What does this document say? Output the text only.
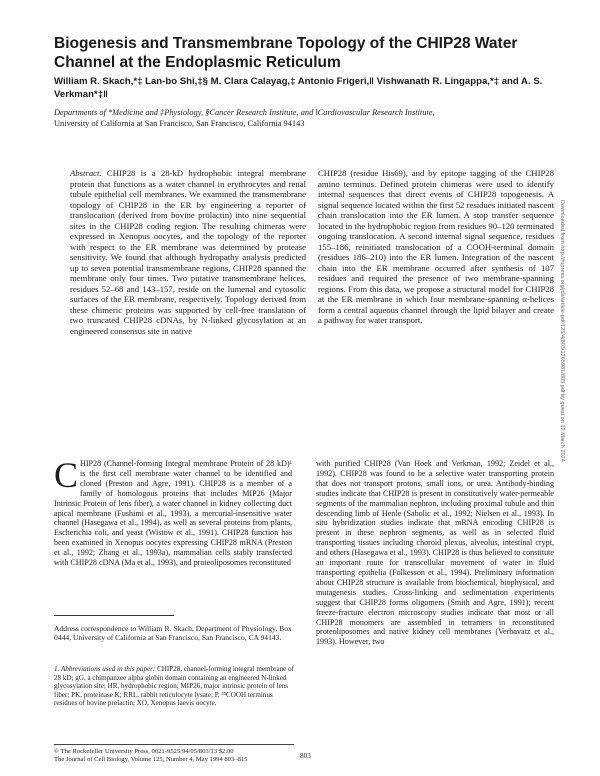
Biogenesis and Transmembrane Topology of the CHIP28 Water Channel at the Endoplasmic Reticulum
William R. Skach,*‡ Lan-bo Shi,‡§ M. Clara Calayag,‡ Antonio Frigeri,‖ Vishwanath R. Lingappa,*‡ and A. S. Verkman*‡‖
Departments of *Medicine and ‡Physiology, §Cancer Research Institute, and ‖Cardiovascular Research Institute,
University of California at San Francisco, San Francisco, California 94143
Abstract. CHIP28 is a 28-kD hydrophobic integral membrane protein that functions as a water channel in erythrocytes and renal tubule epithelial cell membranes. We examined the transmembrane topology of CHIP28 in the ER by engineering a reporter of translocation (derived from bovine prolactin) into nine sequential sites in the CHIP28 coding region. The resulting chimeras were expressed in Xenopus oocytes, and the topology of the reporter with respect to the ER membrane was determined by protease sensitivity. We found that although hydropathy analysis predicted up to seven potential transmembrane regions, CHIP28 spanned the membrane only four times. Two putative transmembrane helices, residues 52–68 and 143–157, reside on the lumenal and cytosolic surfaces of the ER membrane, respectively. Topology derived from these chimeric proteins was supported by cell-free translation of two truncated CHIP28 cDNAs, by N-linked glycosylation at an engineered consensus site in native
CHIP28 (residue His69), and by epitope tagging of the CHIP28 amino terminus. Defined protein chimeras were used to identify internal sequences that direct events of CHIP28 topogenesis. A signal sequence located within the first 52 residues initiated nascent chain translocation into the ER lumen. A stop transfer sequence located in the hydrophobic region from residues 90–120 terminated ongoing translocation. A second internal signal sequence, residues 155–186, reinitiated translocation of a COOH-terminal domain (residues 186–210) into the ER lumen. Integration of the nascent chain into the ER membrane occurred after synthesis of 107 residues and required the presence of two membrane-spanning regions. From this data, we propose a structural model for CHIP28 at the ER membrane in which four membrane-spanning α-helices form a central aqueous channel through the lipid bilayer and create a pathway for water transport.
C HIP28 (Channel-forming Integral membrane Protein of 28 kD)¹ is the first cell membrane water channel to be identified and cloned (Preston and Agre, 1991). CHIP28 is a member of a family of homologous proteins that includes MIP26 (Major Intrinsic Protein of lens fiber), a water channel in kidney collecting duct apical membrane (Fushimi et al., 1993), a mercurial-insensitive water channel (Hasegawa et al., 1994), as well as several proteins from plants, Escherichia coli, and yeast (Wistow et al., 1991). CHIP28 function has been examined in Xenopus oocytes expressing CHIP28 mRNA (Preston et al., 1992; Zhang et al., 1993a), mammalian cells stably transfected with CHIP28 cDNA (Ma et al., 1993), and proteoliposomes reconstituted
with purified CHIP28 (Van Hoek and Verkman, 1992; Zeidel et al., 1992). CHIP28 was found to be a selective water transporting protein that does not transport protons, small ions, or urea. Antibody-binding studies indicate that CHIP28 is present in constitutively water-permeable segments of the mammalian nephron, including proximal tubule and thin descending limb of Henle (Sabolic et al., 1992; Nielsen et al., 1993). In situ hybridization studies indicate that mRNA encoding CHIP28 is present in these nephron segments, as well as in selected fluid transporting tissues including choroid plexus, alveolus, intestinal crypt, and others (Hasegawa et al., 1993). CHIP28 is thus believed to constitute an important route for transcellular movement of water in fluid transporting epithelia (Folkesson et al., 1994). Preliminary information about CHIP28 structure is available from biochemical, biophysical, and mutagenesis studies. Cross-linking and sedimentation experiments suggest that CHIP28 forms oligomers (Smith and Agre, 1991); recent freeze-fracture electron microscopy studies indicate that most or all CHIP28 monomers are assembled in tetramers in reconstituted proteoliposomes and native kidney cell membranes (Verbavatz et al., 1993). However, two
Address correspondence to William R. Skach, Department of Physiology, Box 0444, University of California at San Francisco, San Francisco, CA 94143.
1. Abbreviations used in this paper: CHIP28, channel-forming integral membrane of 28 kD; gG, a chimpanzee alpha globin domain containing an engineered N-linked glycosylation site; HR, hydrophobic region; MIP26, major intrinsic protein of lens fiber; PK, proteinase K; RRL, rabbit reticulocyte lysate; P, ³⁵COOH terminus residues of bovine prolactin; XO, Xenopus laevis oocyte.
© The Rockefeller University Press, 0021-9525/94/05/803/13 $2.00
The Journal of Cell Biology, Volume 125, Number 4, May 1994 803–815	803
Downloaded from http://rupress.org/jcb/article-pdf/125/4/803/1265981/803.pdf by guest on 12 March 2024
